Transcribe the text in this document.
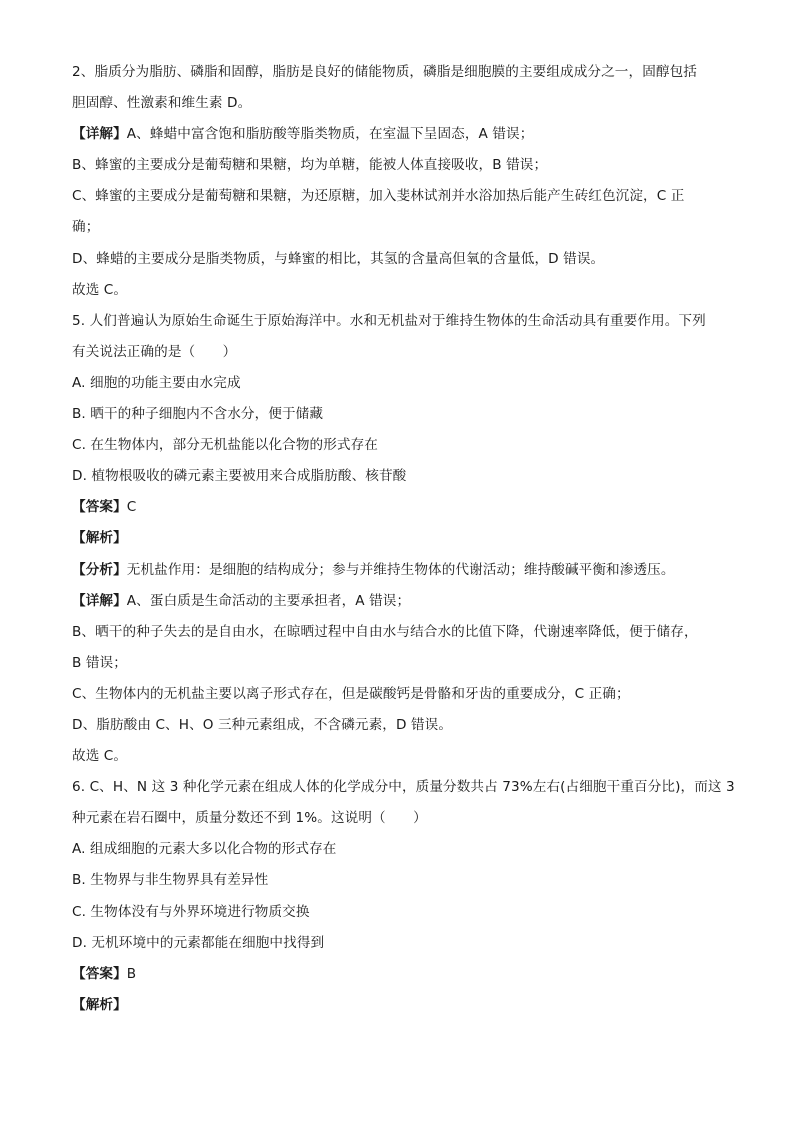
2、脂质分为脂肪、磷脂和固醇，脂肪是良好的储能物质，磷脂是细胞膜的主要组成成分之一，固醇包括
胆固醇、性激素和维生素 D。
【详解】A、蜂蜡中富含饱和脂肪酸等脂类物质，在室温下呈固态，A 错误；
B、蜂蜜的主要成分是葡萄糖和果糖，均为单糖，能被人体直接吸收，B 错误；
C、蜂蜜的主要成分是葡萄糖和果糖，为还原糖，加入斐林试剂并水浴加热后能产生砖红色沉淀，C 正
确；
D、蜂蜡的主要成分是脂类物质，与蜂蜜的相比，其氢的含量高但氧的含量低，D 错误。
故选 C。
5. 人们普遍认为原始生命诞生于原始海洋中。水和无机盐对于维持生物体的生命活动具有重要作用。下列
有关说法正确的是（　　）
A. 细胞的功能主要由水完成
B. 晒干的种子细胞内不含水分，便于储藏
C. 在生物体内，部分无机盐能以化合物的形式存在
D. 植物根吸收的磷元素主要被用来合成脂肪酸、核苷酸
【答案】C
【解析】
【分析】无机盐作用：是细胞的结构成分；参与并维持生物体的代谢活动；维持酸碱平衡和渗透压。
【详解】A、蛋白质是生命活动的主要承担者，A 错误；
B、晒干的种子失去的是自由水，在晾晒过程中自由水与结合水的比值下降，代谢速率降低，便于储存，
B 错误；
C、生物体内的无机盐主要以离子形式存在，但是碳酸钙是骨骼和牙齿的重要成分，C 正确；
D、脂肪酸由 C、H、O 三种元素组成，不含磷元素，D 错误。
故选 C。
6. C、H、N 这 3 种化学元素在组成人体的化学成分中，质量分数共占 73%左右(占细胞干重百分比)，而这 3
种元素在岩石圈中，质量分数还不到 1%。这说明（　　）
A. 组成细胞的元素大多以化合物的形式存在
B. 生物界与非生物界具有差异性
C. 生物体没有与外界环境进行物质交换
D. 无机环境中的元素都能在细胞中找得到
【答案】B
【解析】
